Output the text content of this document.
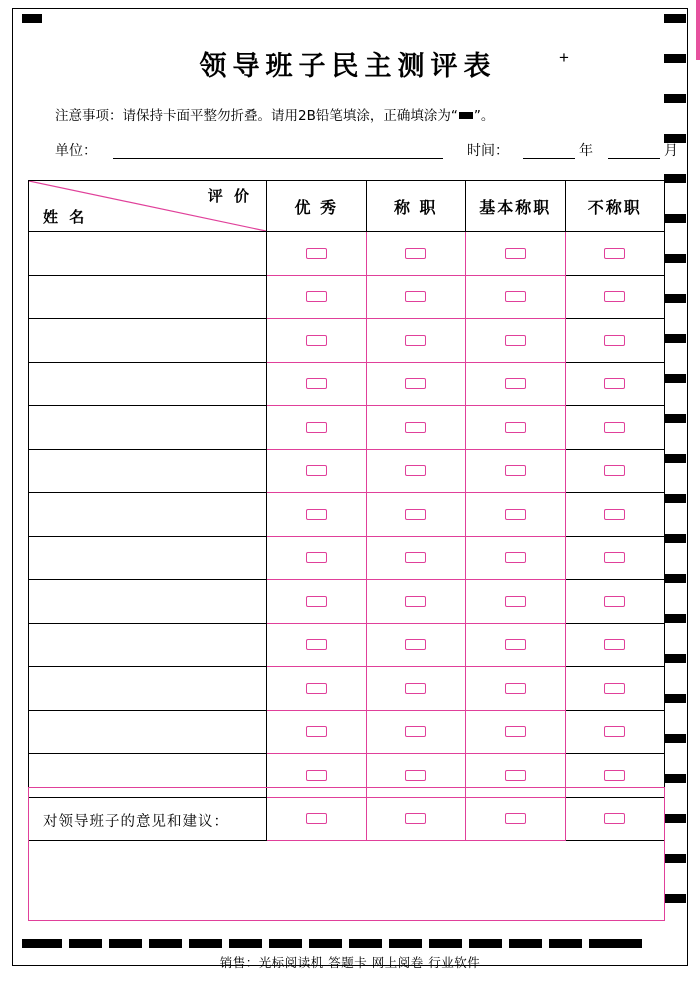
领导班子民主测评表	+
注意事项：请保持卡面平整勿折叠。请用2B铅笔填涂，正确填涂为“ ”。
单位：	时间：	年	月
评 价
姓 名	优 秀	称 职	基本称职	不称职

对领导班子的意见和建议：
销售：光标阅读机 答题卡 网上阅卷 行业软件
